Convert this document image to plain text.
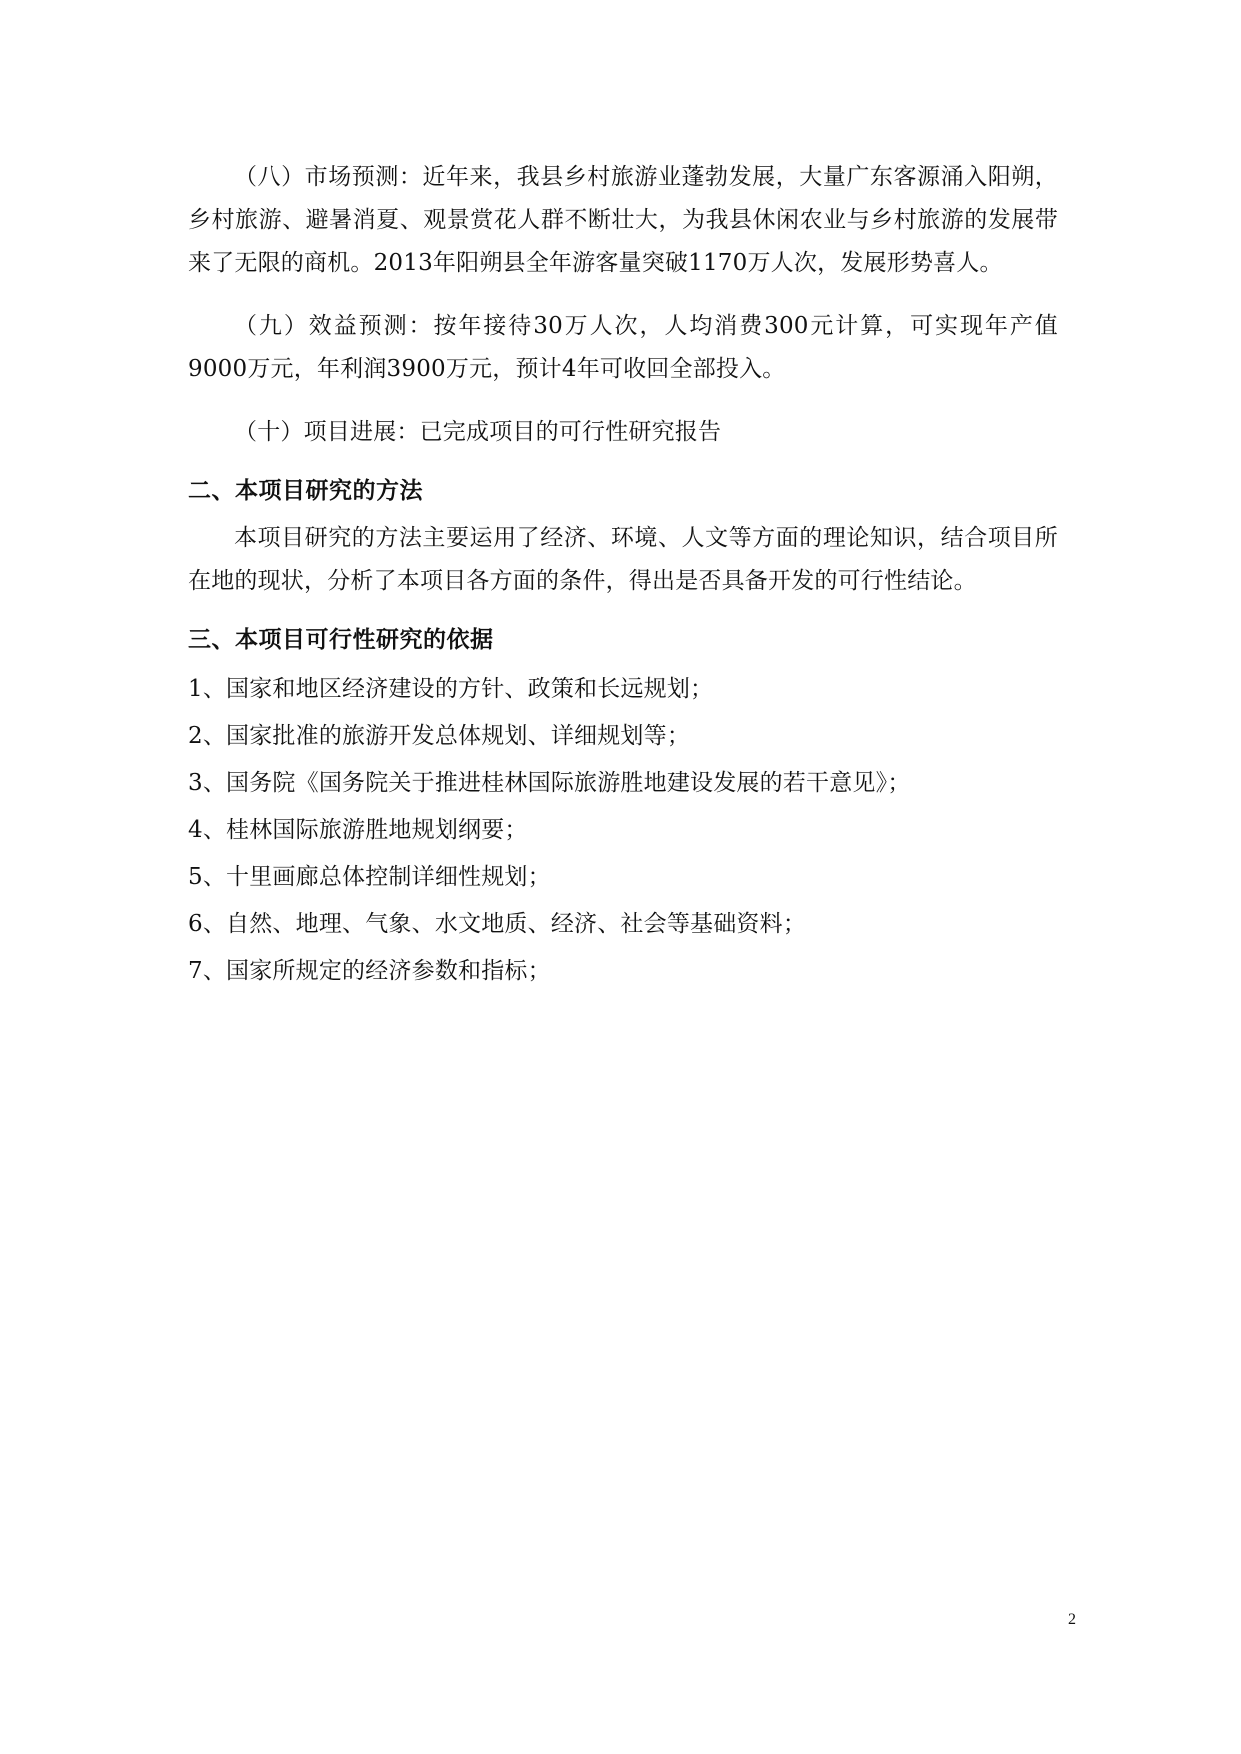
（八）市场预测：近年来，我县乡村旅游业蓬勃发展，大量广东客源涌入阳朔，乡村旅游、避暑消夏、观景赏花人群不断壮大，为我县休闲农业与乡村旅游的发展带来了无限的商机。2013年阳朔县全年游客量突破1170万人次，发展形势喜人。

（九）效益预测：按年接待30万人次，人均消费300元计算，可实现年产值9000万元，年利润3900万元，预计4年可收回全部投入。

（十）项目进展：已完成项目的可行性研究报告

二、本项目研究的方法

本项目研究的方法主要运用了经济、环境、人文等方面的理论知识，结合项目所在地的现状，分析了本项目各方面的条件，得出是否具备开发的可行性结论。

三、本项目可行性研究的依据
1、国家和地区经济建设的方针、政策和长远规划；
2、国家批准的旅游开发总体规划、详细规划等；
3、国务院《国务院关于推进桂林国际旅游胜地建设发展的若干意见》；
4、桂林国际旅游胜地规划纲要；
5、十里画廊总体控制详细性规划；
6、自然、地理、气象、水文地质、经济、社会等基础资料；
7、国家所规定的经济参数和指标；
2
